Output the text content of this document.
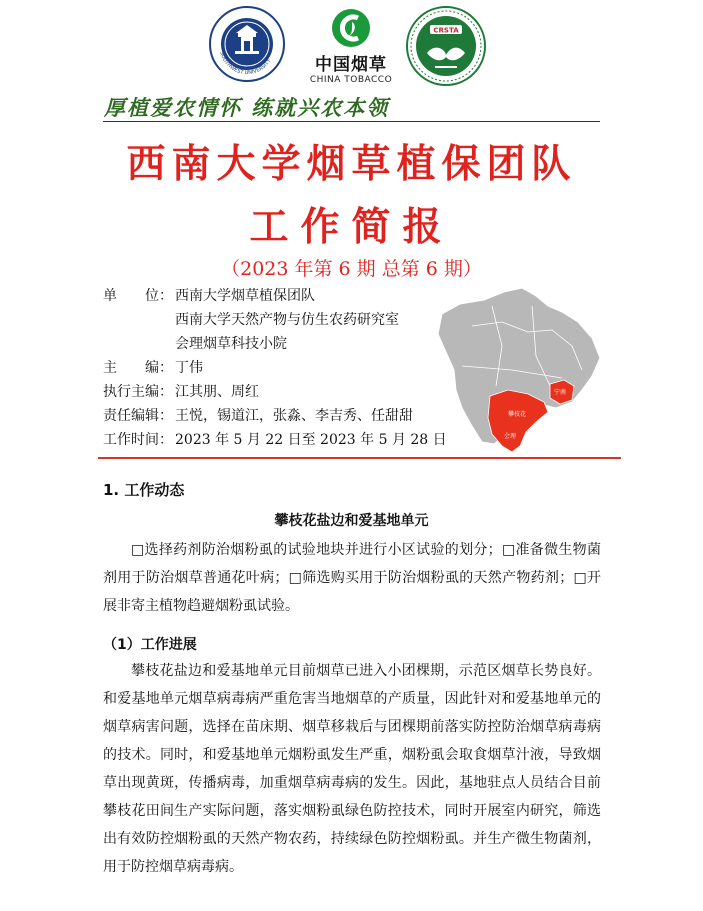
SOUTHWEST UNIVERSITY	中国烟草
CHINA TOBACCO
CRSTA
厚植爱农情怀 练就兴农本领
西南大学烟草植保团队
工作简报
（2023 年第 6 期 总第 6 期）
单　　位： 西南大学烟草植保团队
西南大学天然产物与仿生农药研究室
会理烟草科技小院
主　　编： 丁伟
执行主编： 江其朋、周红
责任编辑： 王悦，锡道江，张淼、李吉秀、任甜甜
工作时间： 2023 年 5 月 22 日至 2023 年 5 月 28 日
攀枝花
会理
宁南
1. 工作动态
攀枝花盐边和爱基地单元
□选择药剂防治烟粉虱的试验地块并进行小区试验的划分；□准备微生物菌剂用于防治烟草普通花叶病；□筛选购买用于防治烟粉虱的天然产物药剂；□开展非寄主植物趋避烟粉虱试验。
（1）工作进展
攀枝花盐边和爱基地单元目前烟草已进入小团棵期，示范区烟草长势良好。和爱基地单元烟草病毒病严重危害当地烟草的产质量，因此针对和爱基地单元的烟草病害问题，选择在苗床期、烟草移栽后与团棵期前落实防控防治烟草病毒病的技术。同时，和爱基地单元烟粉虱发生严重，烟粉虱会取食烟草汁液，导致烟草出现黄斑，传播病毒，加重烟草病毒病的发生。因此，基地驻点人员结合目前攀枝花田间生产实际问题，落实烟粉虱绿色防控技术，同时开展室内研究，筛选出有效防控烟粉虱的天然产物农药，持续绿色防控烟粉虱。并生产微生物菌剂，用于防控烟草病毒病。
